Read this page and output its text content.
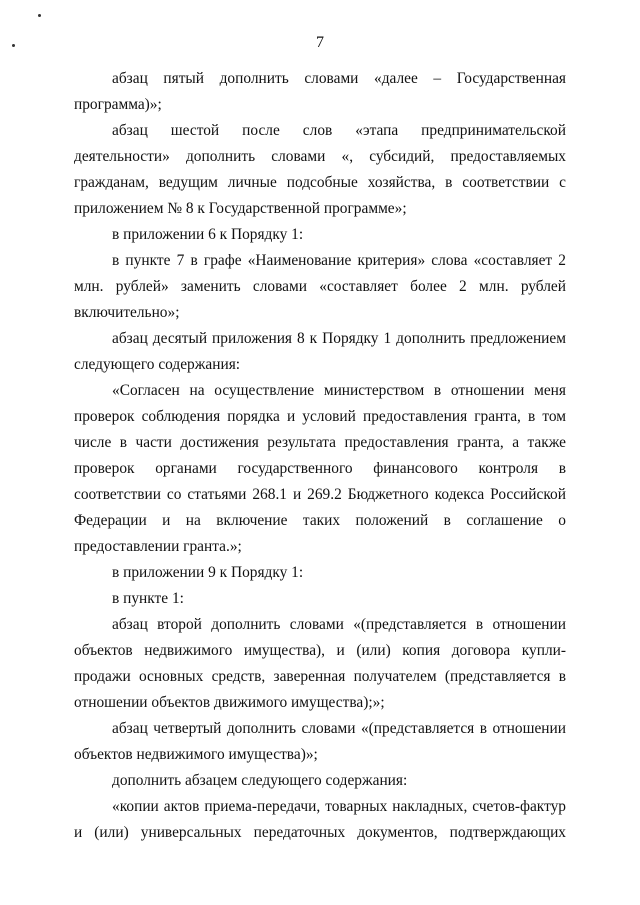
7

абзац пятый дополнить словами «далее – Государственная программа)»;

абзац шестой после слов «этапа предпринимательской деятельности» дополнить словами «, субсидий, предоставляемых гражданам, ведущим личные подсобные хозяйства, в соответствии с приложением № 8 к Государственной программе»;

в приложении 6 к Порядку 1:

в пункте 7 в графе «Наименование критерия» слова «составляет 2 млн. рублей» заменить словами «составляет более 2 млн. рублей включительно»;

абзац десятый приложения 8 к Порядку 1 дополнить предложением следующего содержания:

«Согласен на осуществление министерством в отношении меня проверок соблюдения порядка и условий предоставления гранта, в том числе в части достижения результата предоставления гранта, а также проверок органами государственного финансового контроля в соответствии со статьями 268.1 и 269.2 Бюджетного кодекса Российской Федерации и на включение таких положений в соглашение о предоставлении гранта.»;

в приложении 9 к Порядку 1:

в пункте 1:

абзац второй дополнить словами «(представляется в отношении объектов недвижимого имущества), и (или) копия договора купли-продажи основных средств, заверенная получателем (представляется в отношении объектов движимого имущества);»;

абзац четвертый дополнить словами «(представляется в отношении объектов недвижимого имущества)»;

дополнить абзацем следующего содержания:

«копии актов приема-передачи, товарных накладных, счетов-фактур и (или) универсальных передаточных документов, подтверждающих
